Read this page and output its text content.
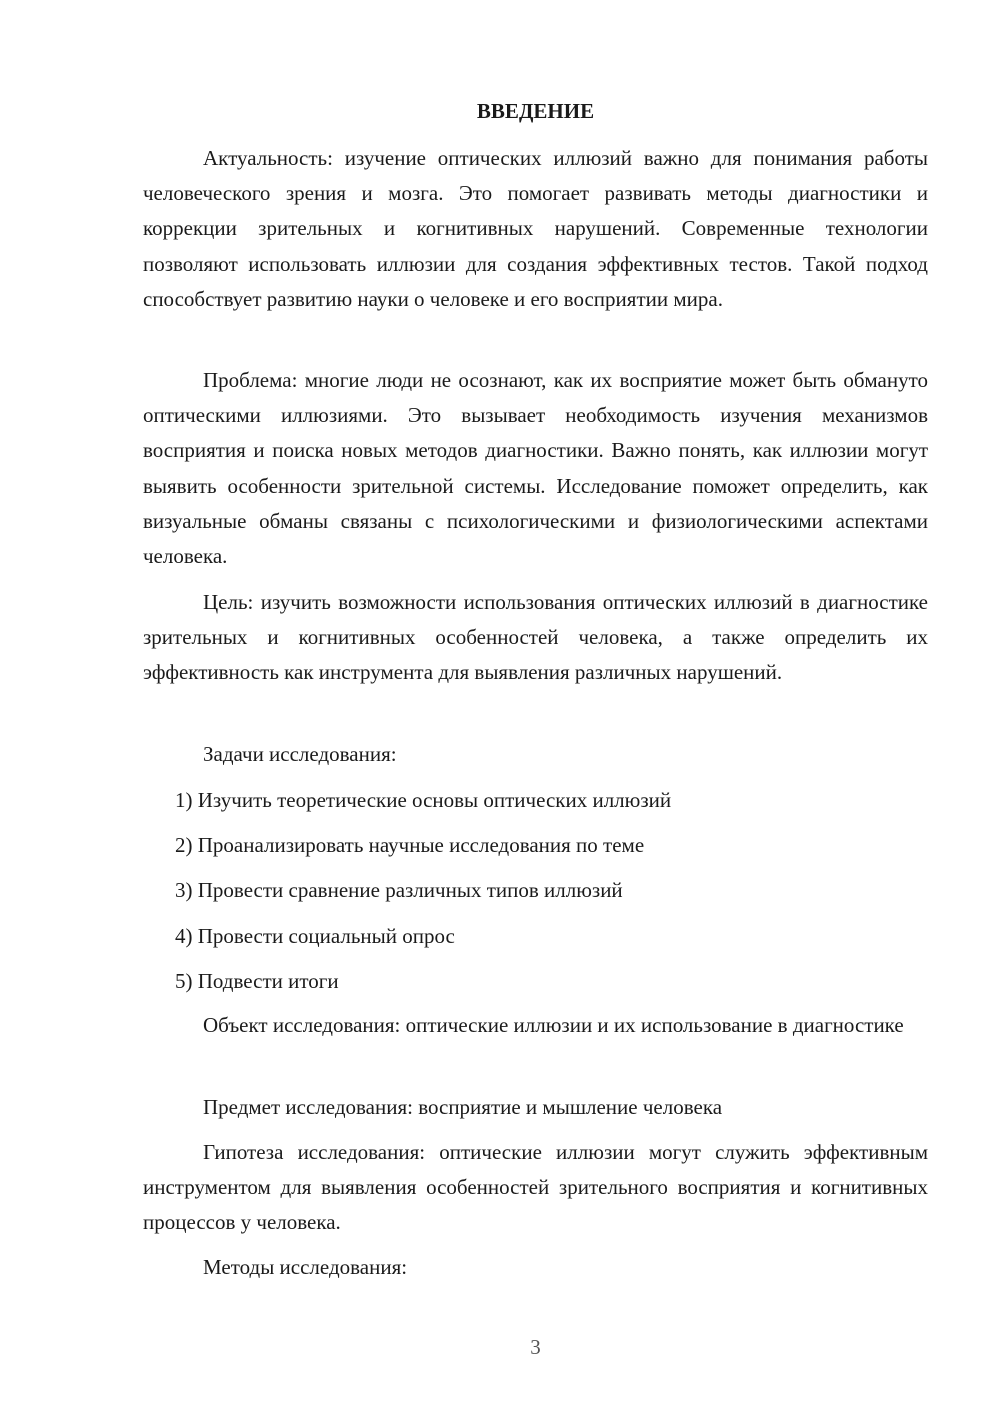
ВВЕДЕНИЕ

Актуальность: изучение оптических иллюзий важно для понимания работы человеческого зрения и мозга. Это помогает развивать методы диагностики и коррекции зрительных и когнитивных нарушений. Современные технологии позволяют использовать иллюзии для создания эффективных тестов. Такой подход способствует развитию науки о человеке и его восприятии мира.

Проблема: многие люди не осознают, как их восприятие может быть обмануто оптическими иллюзиями. Это вызывает необходимость изучения механизмов восприятия и поиска новых методов диагностики. Важно понять, как иллюзии могут выявить особенности зрительной системы. Исследование поможет определить, как визуальные обманы связаны с психологическими и физиологическими аспектами человека.

Цель: изучить возможности использования оптических иллюзий в диагностике зрительных и когнитивных особенностей человека, а также определить их эффективность как инструмента для выявления различных нарушений.

Задачи исследования:

1) Изучить теоретические основы оптических иллюзий

2) Проанализировать научные исследования по теме

3) Провести сравнение различных типов иллюзий

4) Провести социальный опрос

5) Подвести итоги

Объект исследования: оптические иллюзии и их использование в диагностике

Предмет исследования: восприятие и мышление человека

Гипотеза исследования: оптические иллюзии могут служить эффективным инструментом для выявления особенностей зрительного восприятия и когнитивных процессов у человека.

Методы исследования:

3
